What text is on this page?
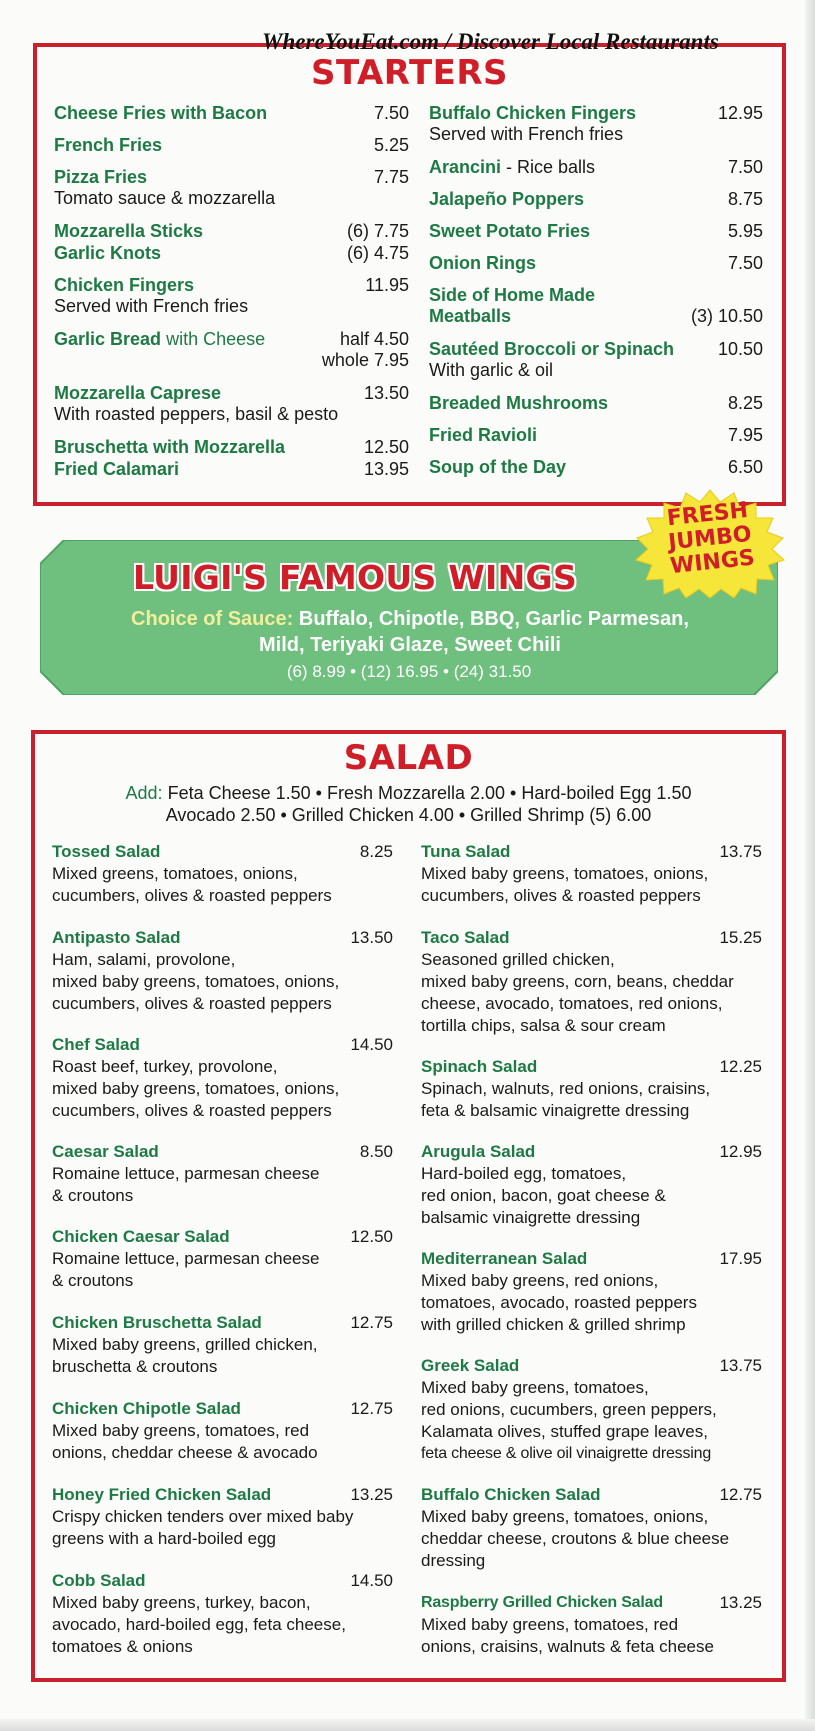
STARTERS
Cheese Fries with Bacon	7.50
French Fries	5.25
Pizza Fries	7.75
Tomato sauce & mozzarella
Mozzarella Sticks	(6) 7.75
Garlic Knots	(6) 4.75
Chicken Fingers	11.95
Served with French fries
Garlic Bread with Cheese	half 4.50
whole 7.95
Mozzarella Caprese	13.50
With roasted peppers, basil & pesto
Bruschetta with Mozzarella	12.50
Fried Calamari	13.95
Buffalo Chicken Fingers	12.95
Served with French fries
Arancini - Rice balls	7.50
Jalapeño Poppers	8.75
Sweet Potato Fries	5.95
Onion Rings	7.50
Side of Home Made
Meatballs	(3) 10.50
Sautéed Broccoli or Spinach 10.50
With garlic & oil
Breaded Mushrooms	8.25
Fried Ravioli	7.95
Soup of the Day	6.50
WhereYouEat.com / Discover Local Restaurants
LUIGI'S FAMOUS WINGS
Choice of Sauce: Buffalo, Chipotle, BBQ, Garlic Parmesan,
Mild, Teriyaki Glaze, Sweet Chili
(6) 8.99 • (12) 16.95 • (24) 31.50
FRESH
JUMBO
WINGS
SALAD
Add: Feta Cheese 1.50 • Fresh Mozzarella 2.00 • Hard-boiled Egg 1.50
Avocado 2.50 • Grilled Chicken 4.00 • Grilled Shrimp (5) 6.00
Tossed Salad	8.25
Mixed greens, tomatoes, onions,
cucumbers, olives & roasted peppers
Antipasto Salad	13.50
Ham, salami, provolone,
mixed baby greens, tomatoes, onions,
cucumbers, olives & roasted peppers
Chef Salad	14.50
Roast beef, turkey, provolone,
mixed baby greens, tomatoes, onions,
cucumbers, olives & roasted peppers
Caesar Salad	8.50
Romaine lettuce, parmesan cheese
& croutons
Chicken Caesar Salad	12.50
Romaine lettuce, parmesan cheese
& croutons
Chicken Bruschetta Salad	12.75
Mixed baby greens, grilled chicken,
bruschetta & croutons
Chicken Chipotle Salad	12.75
Mixed baby greens, tomatoes, red
onions, cheddar cheese & avocado
Honey Fried Chicken Salad	13.25
Crispy chicken tenders over mixed baby
greens with a hard-boiled egg
Cobb Salad	14.50
Mixed baby greens, turkey, bacon,
avocado, hard-boiled egg, feta cheese,
tomatoes & onions
Tuna Salad	13.75
Mixed baby greens, tomatoes, onions,
cucumbers, olives & roasted peppers
Taco Salad	15.25
Seasoned grilled chicken,
mixed baby greens, corn, beans, cheddar
cheese, avocado, tomatoes, red onions,
tortilla chips, salsa & sour cream
Spinach Salad	12.25
Spinach, walnuts, red onions, craisins,
feta & balsamic vinaigrette dressing
Arugula Salad	12.95
Hard-boiled egg, tomatoes,
red onion, bacon, goat cheese &
balsamic vinaigrette dressing
Mediterranean Salad	17.95
Mixed baby greens, red onions,
tomatoes, avocado, roasted peppers
with grilled chicken & grilled shrimp
Greek Salad	13.75
Mixed baby greens, tomatoes,
red onions, cucumbers, green peppers,
Kalamata olives, stuffed grape leaves,
feta cheese & olive oil vinaigrette dressing
Buffalo Chicken Salad	12.75
Mixed baby greens, tomatoes, onions,
cheddar cheese, croutons & blue cheese
dressing
Raspberry Grilled Chicken Salad	13.25
Mixed baby greens, tomatoes, red
onions, craisins, walnuts & feta cheese
